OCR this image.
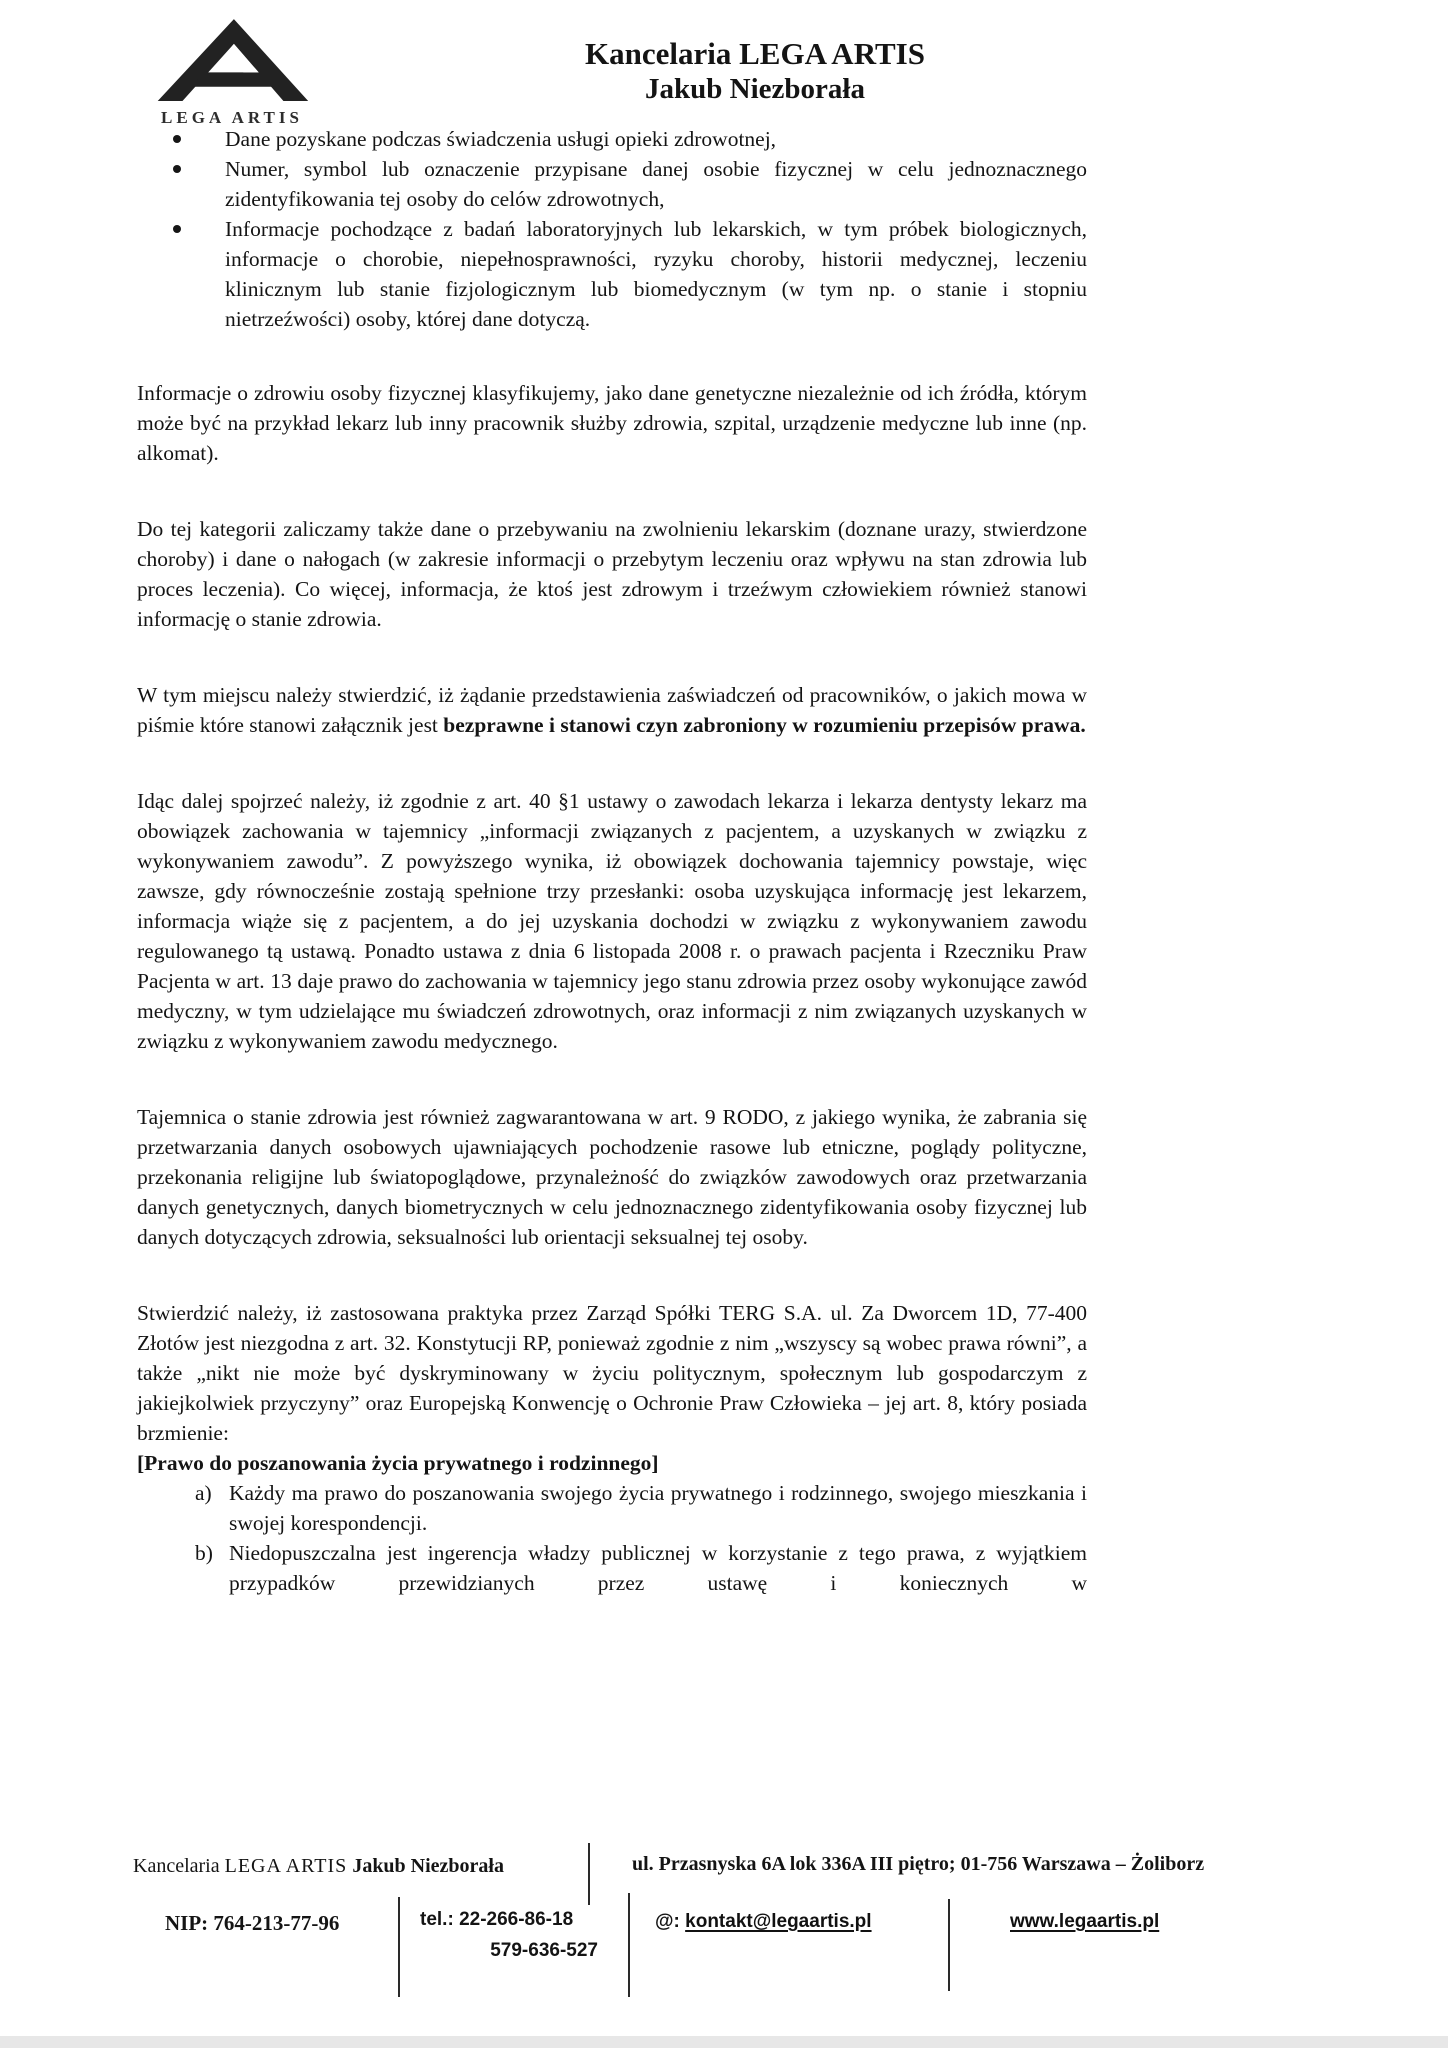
LEGA ARTIS
Kancelaria LEGA ARTIS
Jakub Niezborała
Dane pozyskane podczas świadczenia usługi opieki zdrowotnej,
Numer, symbol lub oznaczenie przypisane danej osobie fizycznej w celu jednoznacznego zidentyfikowania tej osoby do celów zdrowotnych,
Informacje pochodzące z badań laboratoryjnych lub lekarskich, w tym próbek biologicznych, informacje o chorobie, niepełnosprawności, ryzyku choroby, historii medycznej, leczeniu klinicznym lub stanie fizjologicznym lub biomedycznym (w tym np. o stanie i stopniu nietrzeźwości) osoby, której dane dotyczą.

Informacje o zdrowiu osoby fizycznej klasyfikujemy, jako dane genetyczne niezależnie od ich źródła, którym może być na przykład lekarz lub inny pracownik służby zdrowia, szpital, urządzenie medyczne lub inne (np. alkomat).

Do tej kategorii zaliczamy także dane o przebywaniu na zwolnieniu lekarskim (doznane urazy, stwierdzone choroby) i dane o nałogach (w zakresie informacji o przebytym leczeniu oraz wpływu na stan zdrowia lub proces leczenia). Co więcej, informacja, że ktoś jest zdrowym i trzeźwym człowiekiem również stanowi informację o stanie zdrowia.

W tym miejscu należy stwierdzić, iż żądanie przedstawienia zaświadczeń od pracowników, o jakich mowa w piśmie które stanowi załącznik jest bezprawne i stanowi czyn zabroniony w rozumieniu przepisów prawa.

Idąc dalej spojrzeć należy, iż zgodnie z art. 40 §1 ustawy o zawodach lekarza i lekarza dentysty lekarz ma obowiązek zachowania w tajemnicy „informacji związanych z pacjentem, a uzyskanych w związku z wykonywaniem zawodu”. Z powyższego wynika, iż obowiązek dochowania tajemnicy powstaje, więc zawsze, gdy równocześnie zostają spełnione trzy przesłanki: osoba uzyskująca informację jest lekarzem, informacja wiąże się z pacjentem, a do jej uzyskania dochodzi w związku z wykonywaniem zawodu regulowanego tą ustawą. Ponadto ustawa z dnia 6 listopada 2008 r. o prawach pacjenta i Rzeczniku Praw Pacjenta w art. 13 daje prawo do zachowania w tajemnicy jego stanu zdrowia przez osoby wykonujące zawód medyczny, w tym udzielające mu świadczeń zdrowotnych, oraz informacji z nim związanych uzyskanych w związku z wykonywaniem zawodu medycznego.

Tajemnica o stanie zdrowia jest również zagwarantowana w art. 9 RODO, z jakiego wynika, że zabrania się przetwarzania danych osobowych ujawniających pochodzenie rasowe lub etniczne, poglądy polityczne, przekonania religijne lub światopoglądowe, przynależność do związków zawodowych oraz przetwarzania danych genetycznych, danych biometrycznych w celu jednoznacznego zidentyfikowania osoby fizycznej lub danych dotyczących zdrowia, seksualności lub orientacji seksualnej tej osoby.

Stwierdzić należy, iż zastosowana praktyka przez Zarząd Spółki TERG S.A. ul. Za Dworcem 1D, 77-400 Złotów jest niezgodna z art. 32. Konstytucji RP, ponieważ zgodnie z nim „wszyscy są wobec prawa równi”, a także „nikt nie może być dyskryminowany w życiu politycznym, społecznym lub gospodarczym z jakiejkolwiek przyczyny” oraz Europejską Konwencję o Ochronie Praw Człowieka – jej art. 8, który posiada brzmienie:

[Prawo do poszanowania życia prywatnego i rodzinnego]

a) Każdy ma prawo do poszanowania swojego życia prywatnego i rodzinnego, swojego mieszkania i swojej korespondencji.
b) Niedopuszczalna jest ingerencja władzy publicznej w korzystanie z tego prawa, z wyjątkiem przypadków przewidzianych przez ustawę i koniecznych w
Kancelaria LEGA ARTIS Jakub Niezborała	ul. Przasnyska 6A lok 336A III piętro; 01-756 Warszawa – Żoliborz
NIP: 764-213-77-96	tel.: 22-266-86-18
579-636-527
@: kontakt@legaartis.pl	www.legaartis.pl
